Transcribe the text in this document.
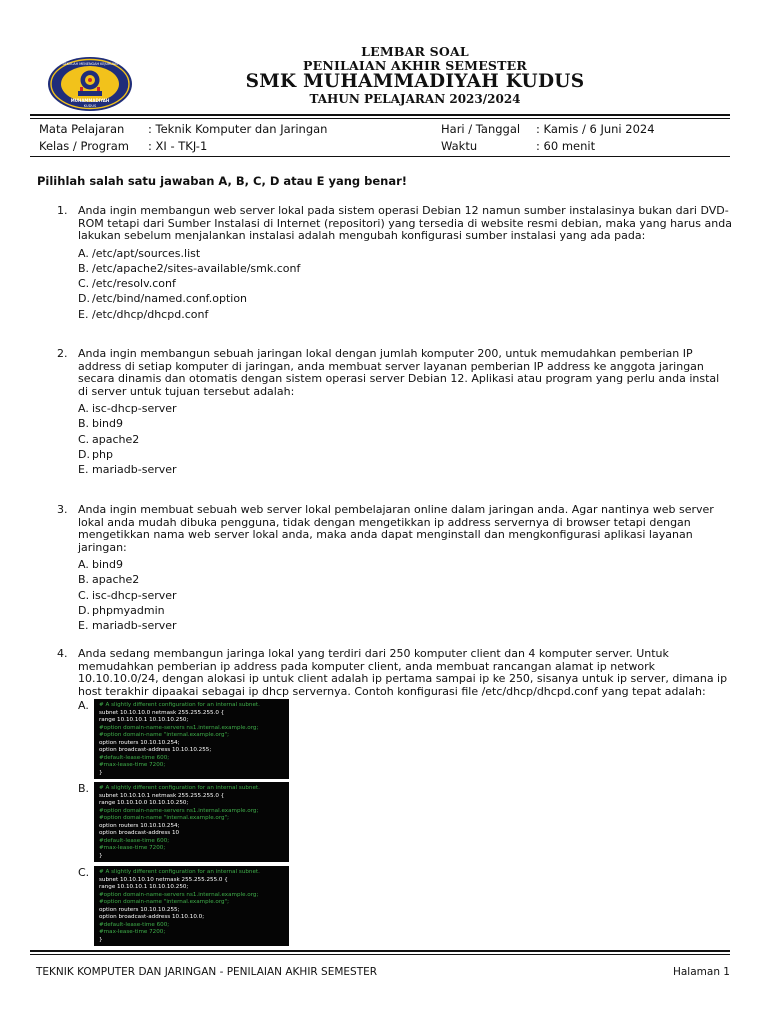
SEKOLAH MENENGAH KEJURUAN
MUHAMMADIYAH
KUDUS
LEMBAR SOAL
PENILAIAN AKHIR SEMESTER
SMK MUHAMMADIYAH KUDUS
TAHUN PELAJARAN 2023/2024
Mata Pelajaran : Teknik Komputer dan Jaringan
Kelas / Program : XI - TKJ-1
Hari / Tanggal : Kamis / 6 Juni 2024
Waktu	: 60 menit
Pilihlah salah satu jawaban A, B, C, D atau E yang benar!
1. Anda ingin membangun web server lokal pada sistem operasi Debian 12 namun sumber instalasinya bukan dari DVD-ROM tetapi dari Sumber Instalasi di Internet (repositori) yang tersedia di website resmi debian, maka yang harus anda lakukan sebelum menjalankan instalasi adalah mengubah konfigurasi sumber instalasi yang ada pada:
A. /etc/apt/sources.list
B. /etc/apache2/sites-available/smk.conf
C. /etc/resolv.conf
D. /etc/bind/named.conf.option
E. /etc/dhcp/dhcpd.conf
2. Anda ingin membangun sebuah jaringan lokal dengan jumlah komputer 200, untuk memudahkan pemberian IP address di setiap komputer di jaringan, anda membuat server layanan pemberian IP address ke anggota jaringan secara dinamis dan otomatis dengan sistem operasi server Debian 12. Aplikasi atau program yang perlu anda instal di server untuk tujuan tersebut adalah:
A. isc-dhcp-server
B. bind9
C. apache2
D. php
E. mariadb-server
3. Anda ingin membuat sebuah web server lokal pembelajaran online dalam jaringan anda. Agar nantinya web server lokal anda mudah dibuka pengguna, tidak dengan mengetikkan ip address servernya di browser tetapi dengan mengetikkan nama web server lokal anda, maka anda dapat menginstall dan mengkonfigurasi aplikasi layanan jaringan:
A. bind9
B. apache2
C. isc-dhcp-server
D. phpmyadmin
E. mariadb-server
4. Anda sedang membangun jaringa lokal yang terdiri dari 250 komputer client dan 4 komputer server. Untuk memudahkan pemberian ip address pada komputer client, anda membuat rancangan alamat ip network 10.10.10.0/24, dengan alokasi ip untuk client adalah ip pertama sampai ip ke 250, sisanya untuk ip server, dimana ip host terakhir dipaakai sebagai ip dhcp servernya. Contoh konfigurasi file /etc/dhcp/dhcpd.conf yang tepat adalah:
A.	# A slightly different configuration for an internal subnet.
subnet 10.10.10.0 netmask 255.255.255.0 {
range 10.10.10.1 10.10.10.250;
#option domain-name-servers ns1.internal.example.org;
#option domain-name "internal.example.org";
option routers 10.10.10.254;
option broadcast-address 10.10.10.255;
#default-lease-time 600;
#max-lease-time 7200;
}
B.	# A slightly different configuration for an internal subnet.
subnet 10.10.10.1 netmask 255.255.255.0 {
range 10.10.10.0 10.10.10.250;
#option domain-name-servers ns1.internal.example.org;
#option domain-name "internal.example.org";
option routers 10.10.10.254;
option broadcast-address 10
#default-lease-time 600;
#max-lease-time 7200;
}
C.	# A slightly different configuration for an internal subnet.
subnet 10.10.10.10 netmask 255.255.255.0 {
range 10.10.10.1 10.10.10.250;
#option domain-name-servers ns1.internal.example.org;
#option domain-name "internal.example.org";
option routers 10.10.10.255;
option broadcast-address 10.10.10.0;
#default-lease-time 600;
#max-lease-time 7200;
}
TEKNIK KOMPUTER DAN JARINGAN - PENILAIAN AKHIR SEMESTER	Halaman 1
